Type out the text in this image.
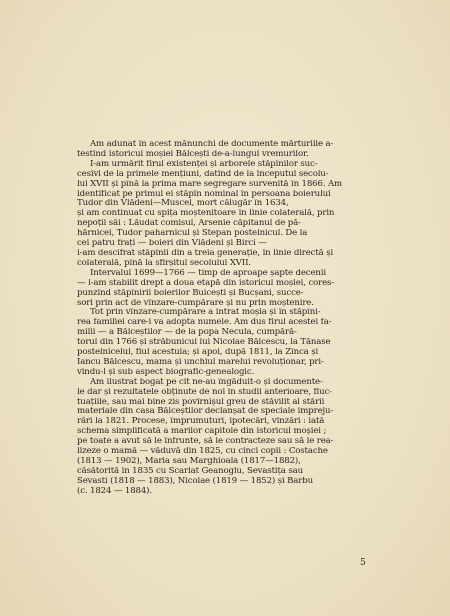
Am adunat în acest mănunchi de documente mărturiile a-
testînd istoricul moșiei Bălcești de-a-lungul vremurilor.
I-am urmărit firul existenței și arborele stăpînilor suc-
cesivi de la primele mențiuni, datînd de la începutul secolu-
lui XVII și pînă la prima mare segregare survenită în 1866. Am
identificat pe primul ei stăpîn nominal în persoana boierului
Tudor din Vlădeni—Muscel, mort călugăr în 1634,
și am continuat cu spița moștenitoare în linie colaterală, prin
nepoții săi : Lăudat comisul, Arsenie căpitanul de pă-
hărnicei, Tudor paharnicul și Stepan postelnicul. De la
cei patru frați — boieri din Vlădeni și Birci —
i-am descifrat stăpînii din a treia generație, în linie directă și
colaterală, pînă la sfîrșitul secolului XVII.

Intervalul 1699—1766 — timp de aproape șapte decenii
— l-am stabilit drept a doua etapă din istoricul moșiei, cores-
punzînd stăpînirii boierilor Buicești și Bucșani, succe-
sori prin act de vînzare-cumpărare și nu prin moștenire.

Tot prin vînzare-cumpărare a intrat moșia și în stăpîni-
rea familiei care-i va adopta numele. Am dus firul acestei fa-
milii — a Bălceștilor — de la popa Necula, cumpără-
torul din 1766 și străbunicul lui Nicolae Bălcescu, la Tănase
postelnicelul, fiul acestuia; și apoi, după 1811, la Zinca și
Iancu Bălcescu, mama și unchiul marelui revoluționar, pri-
vindu-l și sub aspect biografic-genealogic.

Am ilustrat bogat pe cît ne-au îngăduit-o și documente-
le dar și rezultatele obținute de noi în studii anterioare, fluc-
tuațiile, sau mai bine zis povîrnișul greu de stăvilit al stării
materiale din casa Bălceștilor declanșat de speciale impreju-
rări la 1821. Procese, împrumuturi, ipotecări, vînzări : iată
schema simplificată a marilor capitole din istoricul moșiei ;
pe toate a avut să le înfrunte, să le contracteze sau să le rea-
lizeze o mamă — văduvă din 1825, cu cinci copii : Costache
(1813 — 1902), Maria sau Marghioala (1817—1882),
căsătorită în 1835 cu Scarlat Geanoglu, Sevastița sau
Sevasti (1818 — 1883), Nicolae (1819 — 1852) și Barbu
(c. 1824 — 1884).

5
